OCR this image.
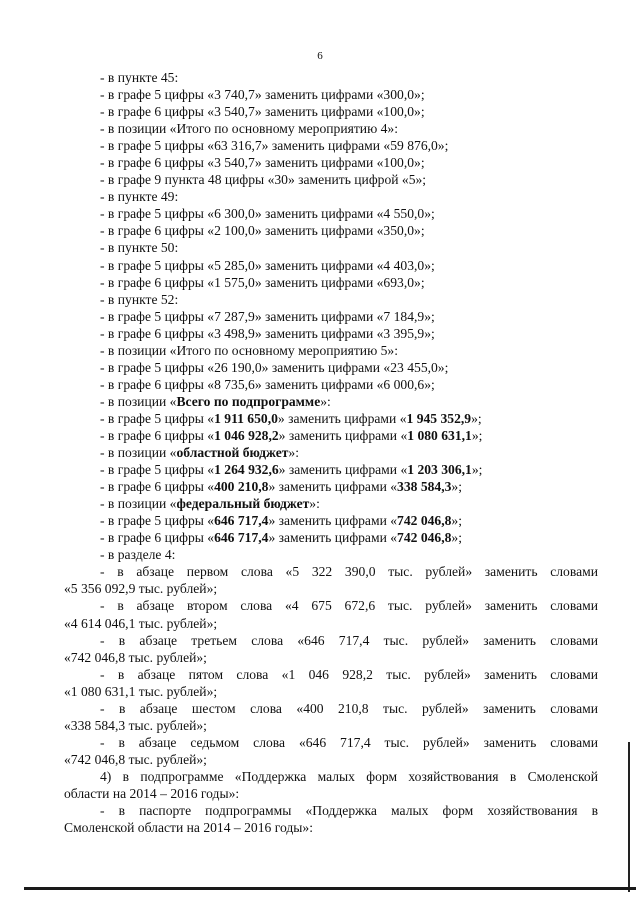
6
- в пункте 45:
- в графе 5 цифры «3 740,7» заменить цифрами «300,0»;
- в графе 6 цифры «3 540,7» заменить цифрами «100,0»;
- в позиции «Итого по основному мероприятию 4»:
- в графе 5 цифры «63 316,7» заменить цифрами «59 876,0»;
- в графе 6 цифры «3 540,7» заменить цифрами «100,0»;
- в графе 9 пункта 48 цифры «30» заменить цифрой «5»;
- в пункте 49:
- в графе 5 цифры «6 300,0» заменить цифрами «4 550,0»;
- в графе 6 цифры «2 100,0» заменить цифрами «350,0»;
- в пункте 50:
- в графе 5 цифры «5 285,0» заменить цифрами «4 403,0»;
- в графе 6 цифры «1 575,0» заменить цифрами «693,0»;
- в пункте 52:
- в графе 5 цифры «7 287,9» заменить цифрами «7 184,9»;
- в графе 6 цифры «3 498,9» заменить цифрами «3 395,9»;
- в позиции «Итого по основному мероприятию 5»:
- в графе 5 цифры «26 190,0» заменить цифрами «23 455,0»;
- в графе 6 цифры «8 735,6» заменить цифрами «6 000,6»;
- в позиции «Всего по подпрограмме»:
- в графе 5 цифры «1 911 650,0» заменить цифрами «1 945 352,9»;
- в графе 6 цифры «1 046 928,2» заменить цифрами «1 080 631,1»;
- в позиции «областной бюджет»:
- в графе 5 цифры «1 264 932,6» заменить цифрами «1 203 306,1»;
- в графе 6 цифры «400 210,8» заменить цифрами «338 584,3»;
- в позиции «федеральный бюджет»:
- в графе 5 цифры «646 717,4» заменить цифрами «742 046,8»;
- в графе 6 цифры «646 717,4» заменить цифрами «742 046,8»;
- в разделе 4:
- в абзаце первом слова «5 322 390,0 тыс. рублей» заменить словами
«5 356 092,9 тыс. рублей»;
- в абзаце втором слова «4 675 672,6 тыс. рублей» заменить словами
«4 614 046,1 тыс. рублей»;
- в абзаце третьем слова «646 717,4 тыс. рублей» заменить словами
«742 046,8 тыс. рублей»;
- в абзаце пятом слова «1 046 928,2 тыс. рублей» заменить словами
«1 080 631,1 тыс. рублей»;
- в абзаце шестом слова «400 210,8 тыс. рублей» заменить словами
«338 584,3 тыс. рублей»;
- в абзаце седьмом слова «646 717,4 тыс. рублей» заменить словами
«742 046,8 тыс. рублей»;
4) в подпрограмме «Поддержка малых форм хозяйствования в Смоленской
области на 2014 – 2016 годы»:
- в паспорте подпрограммы «Поддержка малых форм хозяйствования в
Смоленской области на 2014 – 2016 годы»:
